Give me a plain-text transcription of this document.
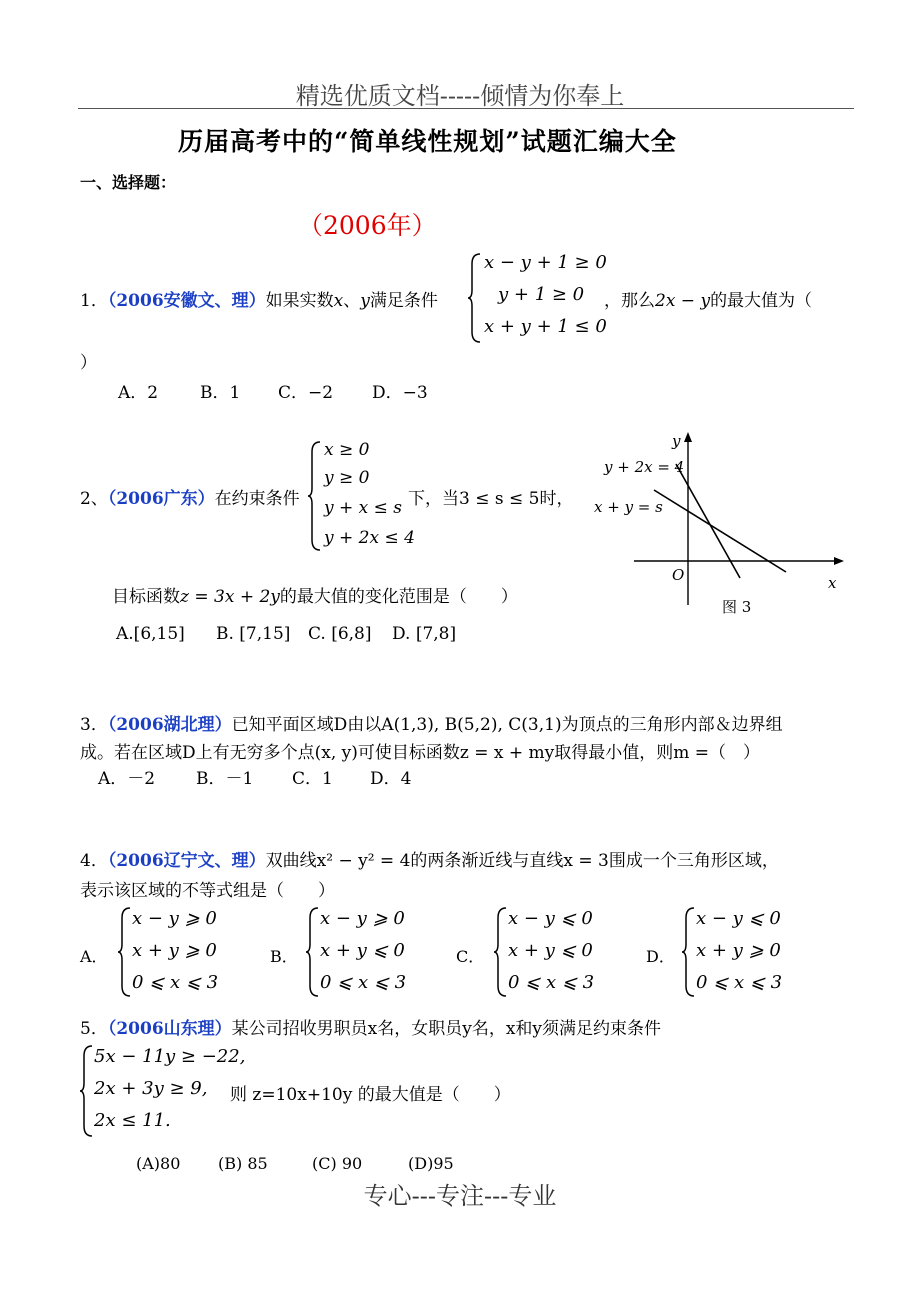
精选优质文档-----倾情为你奉上
历届高考中的“简单线性规划”试题汇编大全
一、选择题：
（2006年）
1．（2006安徽文、理）如果实数x、y满足条件
x − y + 1 ≥ 0
y + 1 ≥ 0
x + y + 1 ≤ 0
，那么2x − y的最大值为（
）
A．2 B．1 C．−2 D．−3
2、（2006广东）在约束条件
x ≥ 0
y ≥ 0
y + x ≤ s
y + 2x ≤ 4
下，当3 ≤ s ≤ 5时，
目标函数z = 3x + 2y的最大值的变化范围是（　　）
A.[6,15] B. [7,15] C. [6,8] D. [7,8]
y
x
O
y + 2x = 4
x + y = s
图 3
3．（2006湖北理）已知平面区域D由以A(1,3), B(5,2), C(3,1)为顶点的三角形内部＆边界组
成。若在区域D上有无穷多个点(x, y)可使目标函数z = x + my取得最小值，则m =（　）
A．－2 B．－1 C．1 D．4
4．（2006辽宁文、理）双曲线x² − y² = 4的两条渐近线与直线x = 3围成一个三角形区域，
表示该区域的不等式组是（　　）
A．
x − y ⩾ 0
x + y ⩾ 0
0 ⩽ x ⩽ 3
B．
x − y ⩾ 0
x + y ⩽ 0
0 ⩽ x ⩽ 3
C．
x − y ⩽ 0
x + y ⩽ 0
0 ⩽ x ⩽ 3
D．
x − y ⩽ 0
x + y ⩾ 0
0 ⩽ x ⩽ 3
5．（2006山东理）某公司招收男职员x名，女职员y名，x和y须满足约束条件
5x − 11y ≥ −22,
2x + 3y ≥ 9,
2x ≤ 11.
则 z=10x+10y 的最大值是（　　）
(A)80 (B) 85	(C) 90	(D)95
专心---专注---专业
